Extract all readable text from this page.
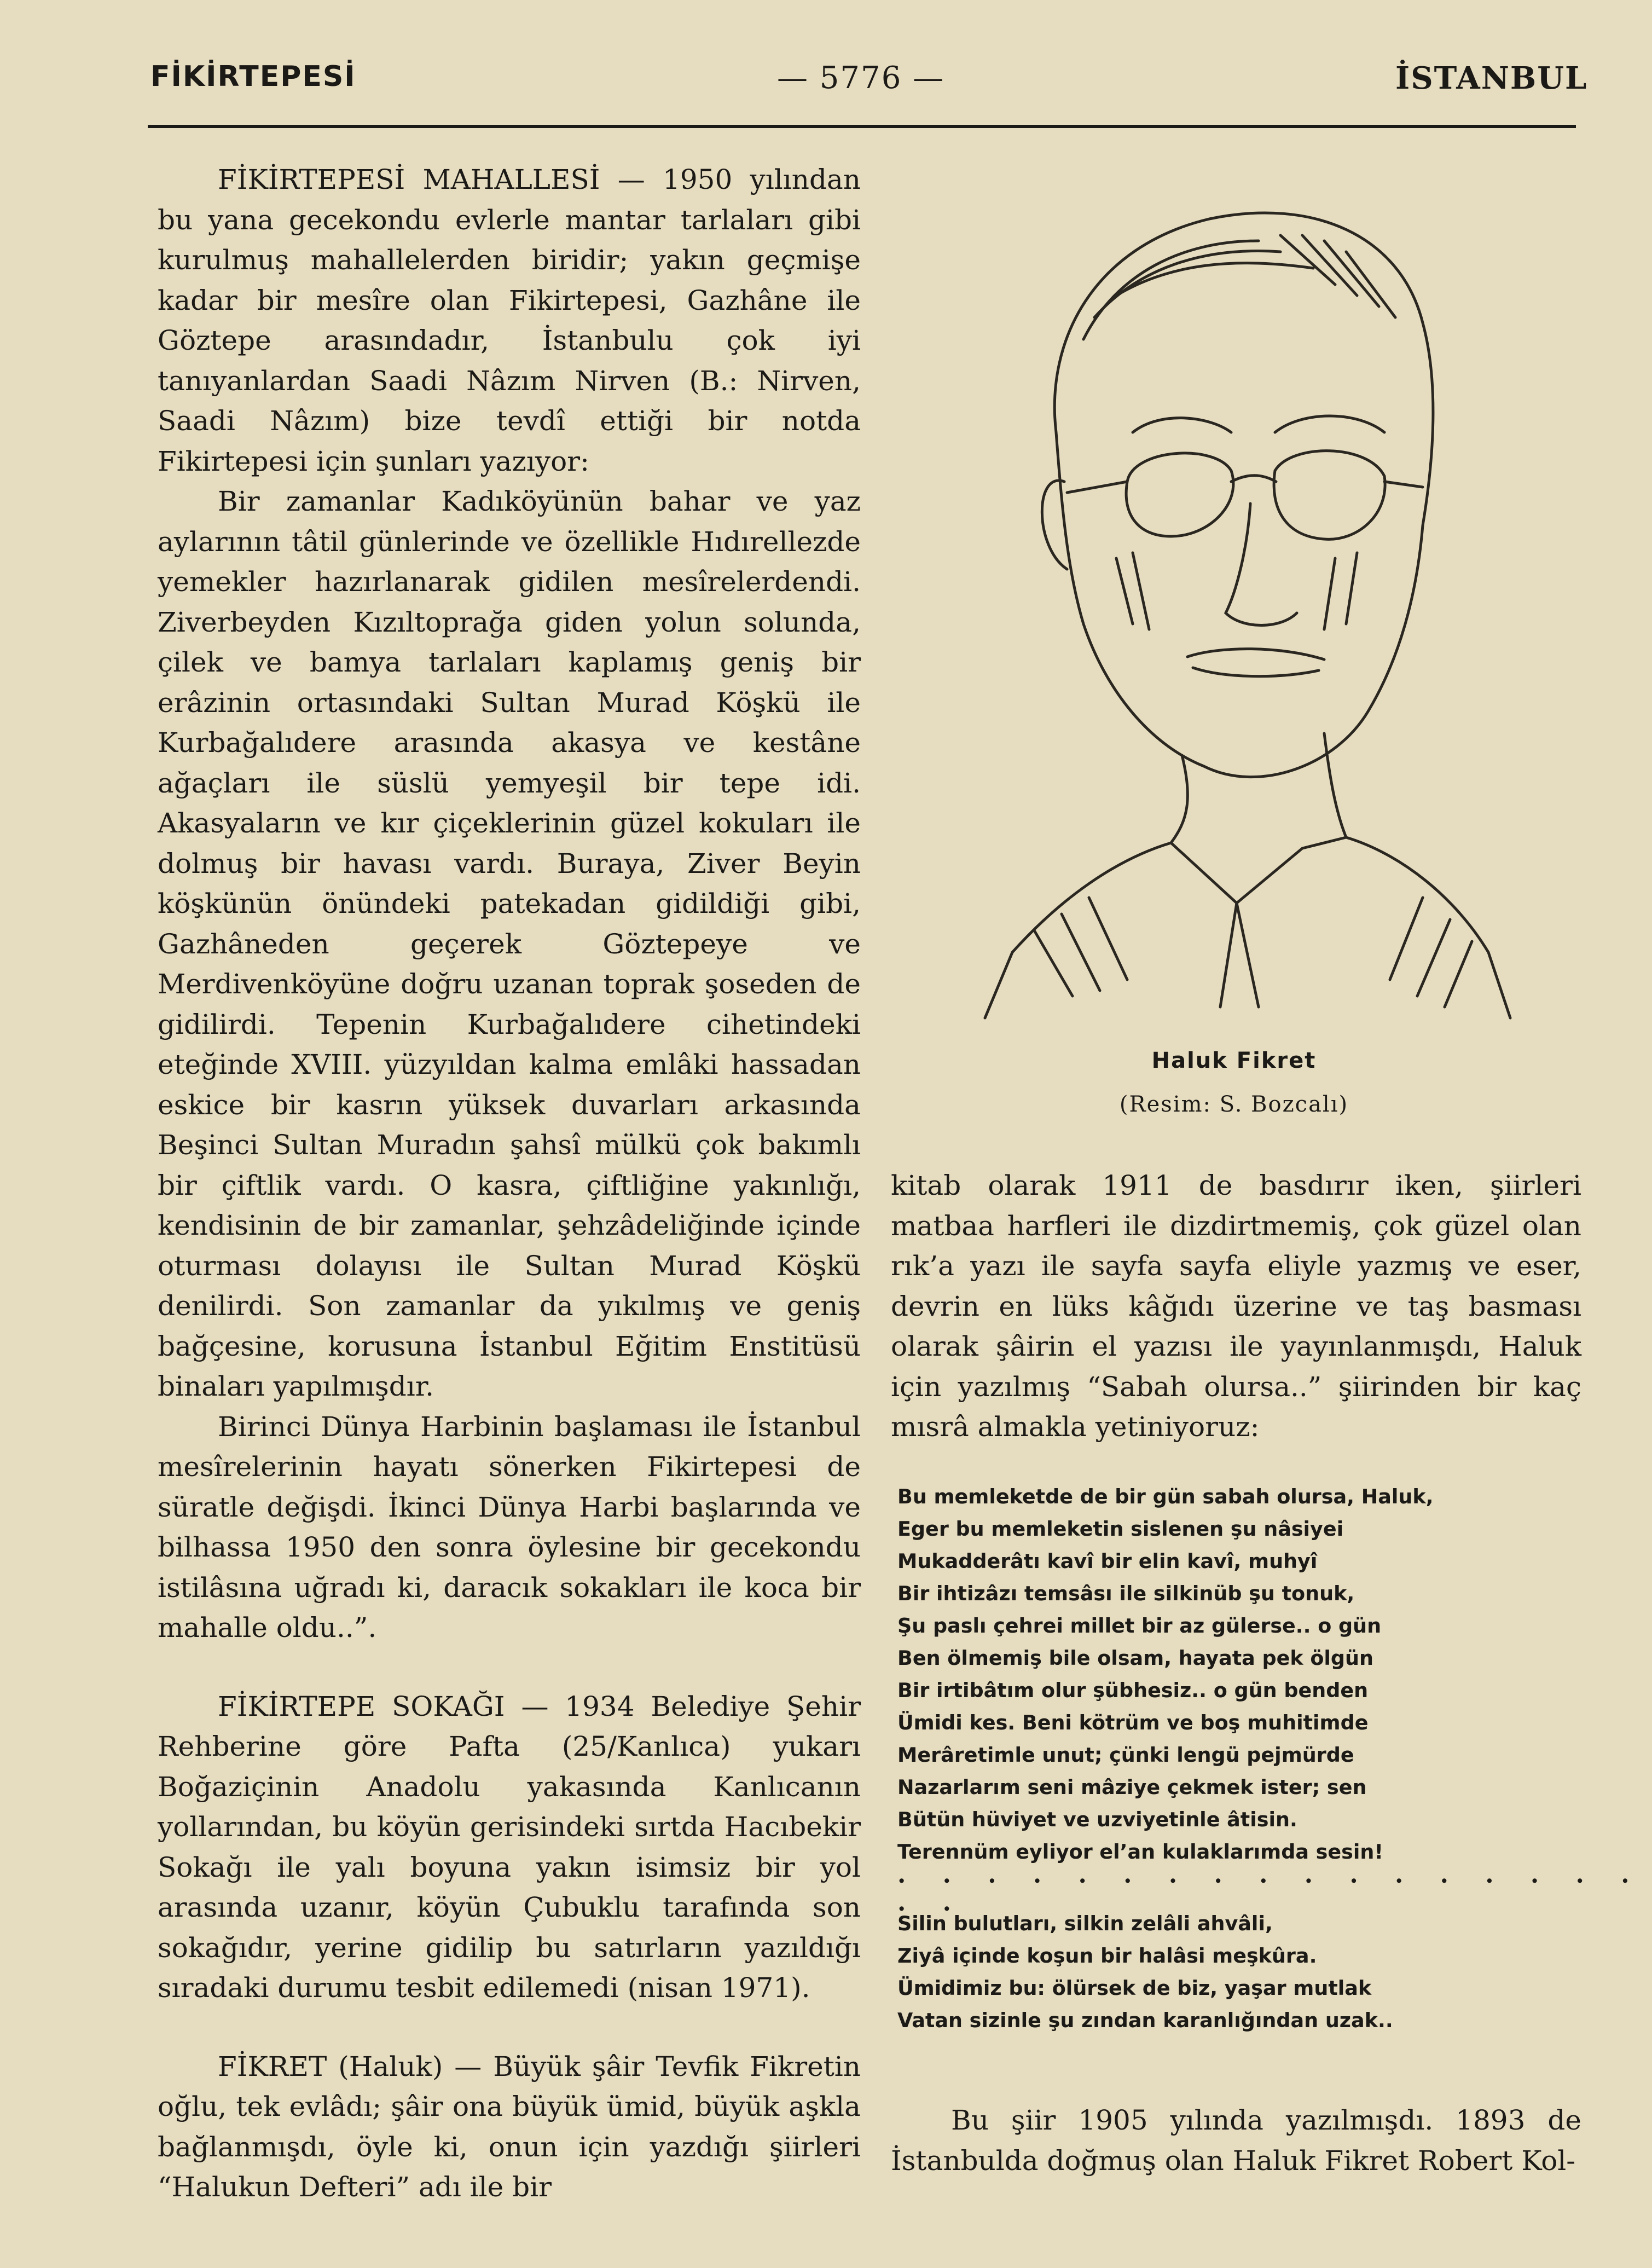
FİKİRTEPESİ	— 5776 —	İSTANBUL

FİKİRTEPESİ MAHALLESİ — 1950 yılından bu yana gecekondu evlerle mantar tarlaları gibi kurulmuş mahallelerden biridir; yakın geçmişe kadar bir mesîre olan Fikirtepesi, Gazhâne ile Göztepe arasındadır, İstanbulu çok iyi tanıyanlardan Saadi Nâzım Nirven (B.: Nirven, Saadi Nâzım) bize tevdî ettiği bir notda Fikirtepesi için şunları yazıyor:

Bir zamanlar Kadıköyünün bahar ve yaz aylarının tâtil günlerinde ve özellikle Hıdırellezde yemekler hazırlanarak gidilen mesîrelerdendi. Ziverbeyden Kızıltoprağa giden yolun solunda, çilek ve bamya tarlaları kaplamış geniş bir erâzinin ortasındaki Sultan Murad Köşkü ile Kurbağalıdere arasında akasya ve kestâne ağaçları ile süslü yemyeşil bir tepe idi. Akasyaların ve kır çiçeklerinin güzel kokuları ile dolmuş bir havası vardı. Buraya, Ziver Beyin köşkünün önündeki patekadan gidildiği gibi, Gazhâneden geçerek Göztepeye ve Merdivenköyüne doğru uzanan toprak şoseden de gidilirdi. Tepenin Kurbağalıdere cihetindeki eteğinde XVIII. yüzyıldan kalma emlâki hassadan eskice bir kasrın yüksek duvarları arkasında Beşinci Sultan Muradın şahsî mülkü çok bakımlı bir çiftlik vardı. O kasra, çiftliğine yakınlığı, kendisinin de bir zamanlar, şehzâdeliğinde içinde oturması dolayısı ile Sultan Murad Köşkü denilirdi. Son zamanlar da yıkılmış ve geniş bağçesine, korusuna İstanbul Eğitim Enstitüsü binaları yapılmışdır.

Birinci Dünya Harbinin başlaması ile İstanbul mesîrelerinin hayatı sönerken Fikirtepesi de süratle değişdi. İkinci Dünya Harbi başlarında ve bilhassa 1950 den sonra öylesine bir gecekondu istilâsına uğradı ki, daracık sokakları ile koca bir mahalle oldu..”.

FİKİRTEPE SOKAĞI — 1934 Belediye Şehir Rehberine göre Pafta (25/Kanlıca) yukarı Boğaziçinin Anadolu yakasında Kanlıcanın yollarından, bu köyün gerisindeki sırtda Hacıbekir Sokağı ile yalı boyuna yakın isimsiz bir yol arasında uzanır, köyün Çubuklu tarafında son sokağıdır, yerine gidilip bu satırların yazıldığı sıradaki durumu tesbit edilemedi (nisan 1971).

FİKRET (Haluk) — Büyük şâir Tevfik Fikretin oğlu, tek evlâdı; şâir ona büyük ümid, büyük aşkla bağlanmışdı, öyle ki, onun için yazdığı şiirleri “Halukun Defteri” adı ile bir

Haluk Fikret
(Resim: S. Bozcalı)

kitab olarak 1911 de basdırır iken, şiirleri matbaa harfleri ile dizdirtmemiş, çok güzel olan rık’a yazı ile sayfa sayfa eliyle yazmış ve eser, devrin en lüks kâğıdı üzerine ve taş basması olarak şâirin el yazısı ile yayınlanmışdı, Haluk için yazılmış “Sabah olursa..” şiirinden bir kaç mısrâ almakla yetiniyoruz:

Bu memleketde de bir gün sabah olursa, Haluk,
Eger bu memleketin sislenen şu nâsiyei
Mukadderâtı kavî bir elin kavî, muhyî
Bir ihtizâzı temsâsı ile silkinüb şu tonuk,
Şu paslı çehrei millet bir az gülerse.. o gün
Ben ölmemiş bile olsam, hayata pek ölgün
Bir irtibâtım olur şübhesiz.. o gün benden
Ümidi kes. Beni kötrüm ve boş muhitimde
Merâretimle unut; çünki lengü pejmürde
Nazarlarım seni mâziye çekmek ister; sen
Bütün hüviyet ve uzviyetinle âtisin.
Terennüm eyliyor el’an kulaklarımda sesin!
. . . . . . . . . . . . . . . . . . .
Silin bulutları, silkin zelâli ahvâli,
Ziyâ içinde koşun bir halâsi meşkûra.
Ümidimiz bu: ölürsek de biz, yaşar mutlak
Vatan sizinle şu zından karanlığından uzak..

Bu şiir 1905 yılında yazılmışdı. 1893 de İstanbulda doğmuş olan Haluk Fikret Robert Kol-
